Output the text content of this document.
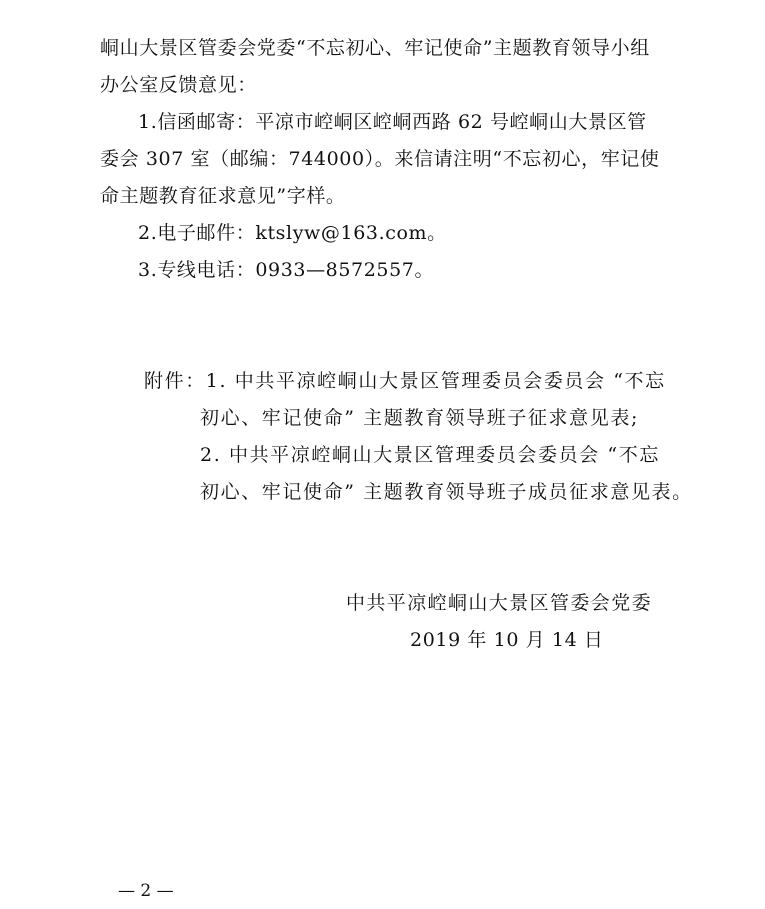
峒山大景区管委会党委“不忘初心、牢记使命”主题教育领导小组
办公室反馈意见：
1.信函邮寄：平凉市崆峒区崆峒西路 62 号崆峒山大景区管
委会 307 室（邮编：744000）。来信请注明“不忘初心，牢记使
命主题教育征求意见”字样。
2.电子邮件：ktslyw@163.com。
3.专线电话：0933—8572557。
附件：1. 中共平凉崆峒山大景区管理委员会委员会 “不忘
初心、牢记使命” 主题教育领导班子征求意见表;
2. 中共平凉崆峒山大景区管理委员会委员会 “不忘
初心、牢记使命” 主题教育领导班子成员征求意见表。
中共平凉崆峒山大景区管委会党委
2019 年 10 月 14 日
— 2 —
